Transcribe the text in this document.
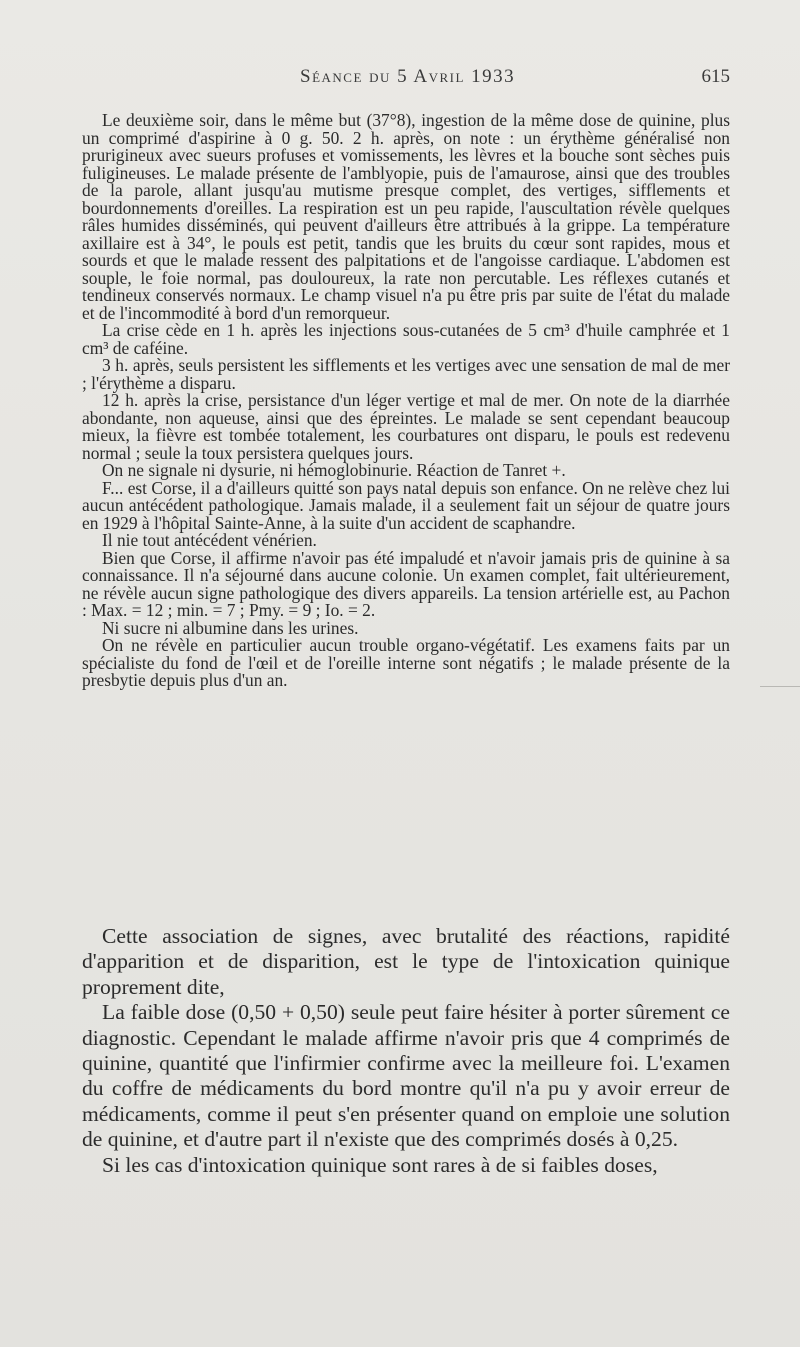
Séance du 5 Avril 1933	615

Le deuxième soir, dans le même but (37°8), ingestion de la même dose de quinine, plus un comprimé d'aspirine à 0 g. 50. 2 h. après, on note : un érythème généralisé non prurigineux avec sueurs profuses et vomissements, les lèvres et la bouche sont sèches puis fuligineuses. Le malade présente de l'amblyopie, puis de l'amaurose, ainsi que des troubles de la parole, allant jusqu'au mutisme presque complet, des vertiges, sifflements et bourdonnements d'oreilles. La respiration est un peu rapide, l'auscultation révèle quelques râles humides disséminés, qui peuvent d'ailleurs être attribués à la grippe. La température axillaire est à 34°, le pouls est petit, tandis que les bruits du cœur sont rapides, mous et sourds et que le malade ressent des palpitations et de l'angoisse cardiaque. L'abdomen est souple, le foie normal, pas douloureux, la rate non percutable. Les réflexes cutanés et tendineux conservés normaux. Le champ visuel n'a pu être pris par suite de l'état du malade et de l'incommodité à bord d'un remorqueur.

La crise cède en 1 h. après les injections sous-cutanées de 5 cm³ d'huile camphrée et 1 cm³ de caféine.

3 h. après, seuls persistent les sifflements et les vertiges avec une sensation de mal de mer ; l'érythème a disparu.

12 h. après la crise, persistance d'un léger vertige et mal de mer. On note de la diarrhée abondante, non aqueuse, ainsi que des épreintes. Le malade se sent cependant beaucoup mieux, la fièvre est tombée totalement, les courbatures ont disparu, le pouls est redevenu normal ; seule la toux persistera quelques jours.

On ne signale ni dysurie, ni hémoglobinurie. Réaction de Tanret +.

F... est Corse, il a d'ailleurs quitté son pays natal depuis son enfance. On ne relève chez lui aucun antécédent pathologique. Jamais malade, il a seulement fait un séjour de quatre jours en 1929 à l'hôpital Sainte-Anne, à la suite d'un accident de scaphandre.

Il nie tout antécédent vénérien.

Bien que Corse, il affirme n'avoir pas été impaludé et n'avoir jamais pris de quinine à sa connaissance. Il n'a séjourné dans aucune colonie. Un examen complet, fait ultérieurement, ne révèle aucun signe pathologique des divers appareils. La tension artérielle est, au Pachon : Max. = 12 ; min. = 7 ; Pmy. = 9 ; Io. = 2.

Ni sucre ni albumine dans les urines.

On ne révèle en particulier aucun trouble organo-végétatif. Les examens faits par un spécialiste du fond de l'œil et de l'oreille interne sont négatifs ; le malade présente de la presbytie depuis plus d'un an.

Cette association de signes, avec brutalité des réactions, rapidité d'apparition et de disparition, est le type de l'intoxication quinique proprement dite,

La faible dose (0,50 + 0,50) seule peut faire hésiter à porter sûrement ce diagnostic. Cependant le malade affirme n'avoir pris que 4 comprimés de quinine, quantité que l'infirmier confirme avec la meilleure foi. L'examen du coffre de médicaments du bord montre qu'il n'a pu y avoir erreur de médicaments, comme il peut s'en présenter quand on emploie une solution de quinine, et d'autre part il n'existe que des comprimés dosés à 0,25.

Si les cas d'intoxication quinique sont rares à de si faibles doses,
